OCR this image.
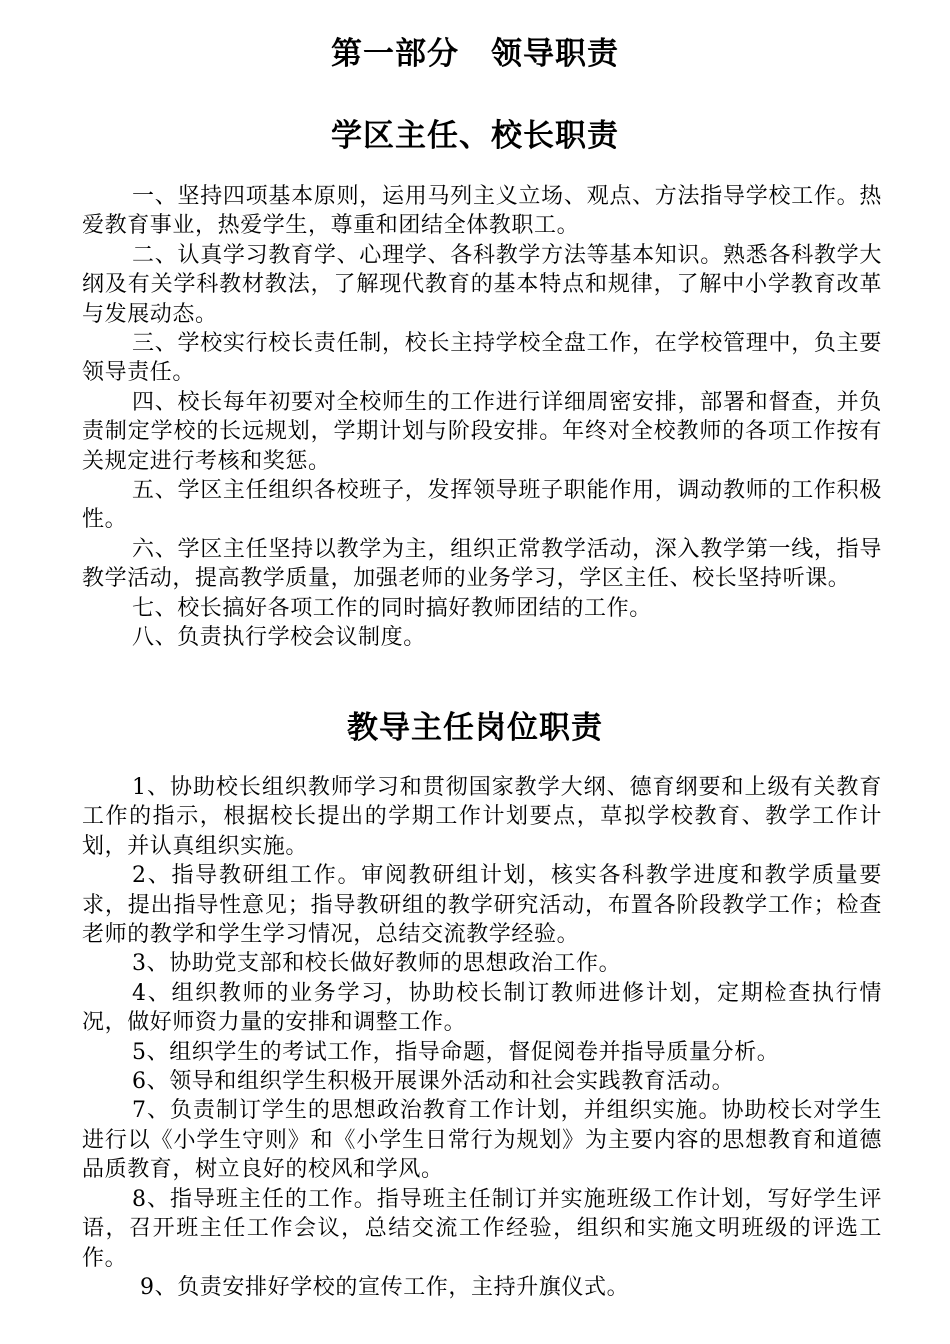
第一部分　领导职责
学区主任、校长职责

一、坚持四项基本原则，运用马列主义立场、观点、方法指导学校工作。热爱教育事业，热爱学生，尊重和团结全体教职工。

二、认真学习教育学、心理学、各科教学方法等基本知识。熟悉各科教学大纲及有关学科教材教法，了解现代教育的基本特点和规律，了解中小学教育改革与发展动态。

三、学校实行校长责任制，校长主持学校全盘工作，在学校管理中，负主要领导责任。

四、校长每年初要对全校师生的工作进行详细周密安排，部署和督查，并负责制定学校的长远规划，学期计划与阶段安排。年终对全校教师的各项工作按有关规定进行考核和奖惩。

五、学区主任组织各校班子，发挥领导班子职能作用，调动教师的工作积极性。

六、学区主任坚持以教学为主，组织正常教学活动，深入教学第一线，指导教学活动，提高教学质量，加强老师的业务学习，学区主任、校长坚持听课。

七、校长搞好各项工作的同时搞好教师团结的工作。

八、负责执行学校会议制度。

教导主任岗位职责

1、协助校长组织教师学习和贯彻国家教学大纲、德育纲要和上级有关教育工作的指示，根据校长提出的学期工作计划要点，草拟学校教育、教学工作计划，并认真组织实施。

2、指导教研组工作。审阅教研组计划，核实各科教学进度和教学质量要求，提出指导性意见；指导教研组的教学研究活动，布置各阶段教学工作；检查老师的教学和学生学习情况，总结交流教学经验。

3、协助党支部和校长做好教师的思想政治工作。

4、组织教师的业务学习，协助校长制订教师进修计划，定期检查执行情况，做好师资力量的安排和调整工作。

5、组织学生的考试工作，指导命题，督促阅卷并指导质量分析。

6、领导和组织学生积极开展课外活动和社会实践教育活动。

7、负责制订学生的思想政治教育工作计划，并组织实施。协助校长对学生进行以《小学生守则》和《小学生日常行为规划》为主要内容的思想教育和道德品质教育，树立良好的校风和学风。

8、指导班主任的工作。指导班主任制订并实施班级工作计划，写好学生评语，召开班主任工作会议，总结交流工作经验，组织和实施文明班级的评选工作。

9、负责安排好学校的宣传工作，主持升旗仪式。
